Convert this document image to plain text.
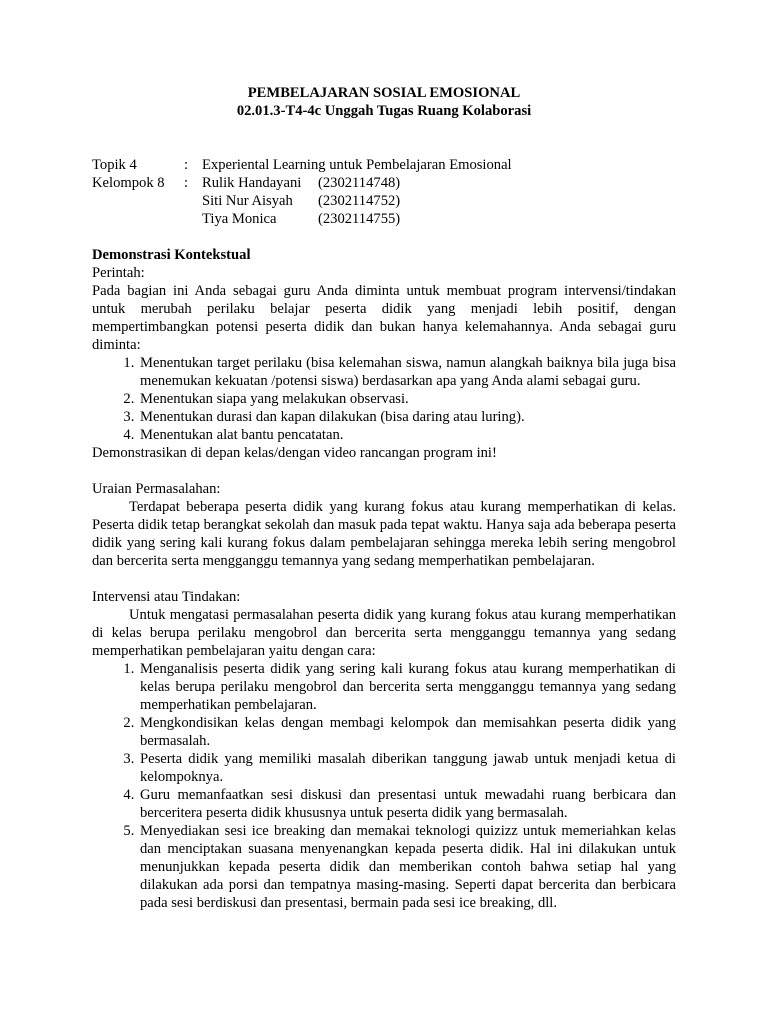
PEMBELAJARAN SOSIAL EMOSIONAL

02.01.3-T4-4c Unggah Tugas Ruang Kolaborasi

Topik 4	: Experiental Learning untuk Pembelajaran Emosional
Kelompok 8	: Rulik Handayani	(2302114748)
Siti Nur Aisyah	(2302114752)
Tiya Monica	(2302114755)

Demonstrasi Kontekstual

Perintah:

Pada bagian ini Anda sebagai guru Anda diminta untuk membuat program intervensi/tindakan untuk merubah perilaku belajar peserta didik yang menjadi lebih positif, dengan mempertimbangkan potensi peserta didik dan bukan hanya kelemahannya. Anda sebagai guru diminta:

1. Menentukan target perilaku (bisa kelemahan siswa, namun alangkah baiknya bila juga bisa menemukan kekuatan /potensi siswa) berdasarkan apa yang Anda alami sebagai guru.
2. Menentukan siapa yang melakukan observasi.
3. Menentukan durasi dan kapan dilakukan (bisa daring atau luring).
4. Menentukan alat bantu pencatatan.

Demonstrasikan di depan kelas/dengan video rancangan program ini!

Uraian Permasalahan:

Terdapat beberapa peserta didik yang kurang fokus atau kurang memperhatikan di kelas. Peserta didik tetap berangkat sekolah dan masuk pada tepat waktu. Hanya saja ada beberapa peserta didik yang sering kali kurang fokus dalam pembelajaran sehingga mereka lebih sering mengobrol dan bercerita serta mengganggu temannya yang sedang memperhatikan pembelajaran.

Intervensi atau Tindakan:

Untuk mengatasi permasalahan peserta didik yang kurang fokus atau kurang memperhatikan di kelas berupa perilaku mengobrol dan bercerita serta mengganggu temannya yang sedang memperhatikan pembelajaran yaitu dengan cara:

1. Menganalisis peserta didik yang sering kali kurang fokus atau kurang memperhatikan di kelas berupa perilaku mengobrol dan bercerita serta mengganggu temannya yang sedang memperhatikan pembelajaran.
2. Mengkondisikan kelas dengan membagi kelompok dan memisahkan peserta didik yang bermasalah.
3. Peserta didik yang memiliki masalah diberikan tanggung jawab untuk menjadi ketua di kelompoknya.
4. Guru memanfaatkan sesi diskusi dan presentasi untuk mewadahi ruang berbicara dan berceritera peserta didik khususnya untuk peserta didik yang bermasalah.
5. Menyediakan sesi ice breaking dan memakai teknologi quizizz untuk memeriahkan kelas dan menciptakan suasana menyenangkan kepada peserta didik. Hal ini dilakukan untuk menunjukkan kepada peserta didik dan memberikan contoh bahwa setiap hal yang dilakukan ada porsi dan tempatnya masing-masing. Seperti dapat bercerita dan berbicara pada sesi berdiskusi dan presentasi, bermain pada sesi ice breaking, dll.
